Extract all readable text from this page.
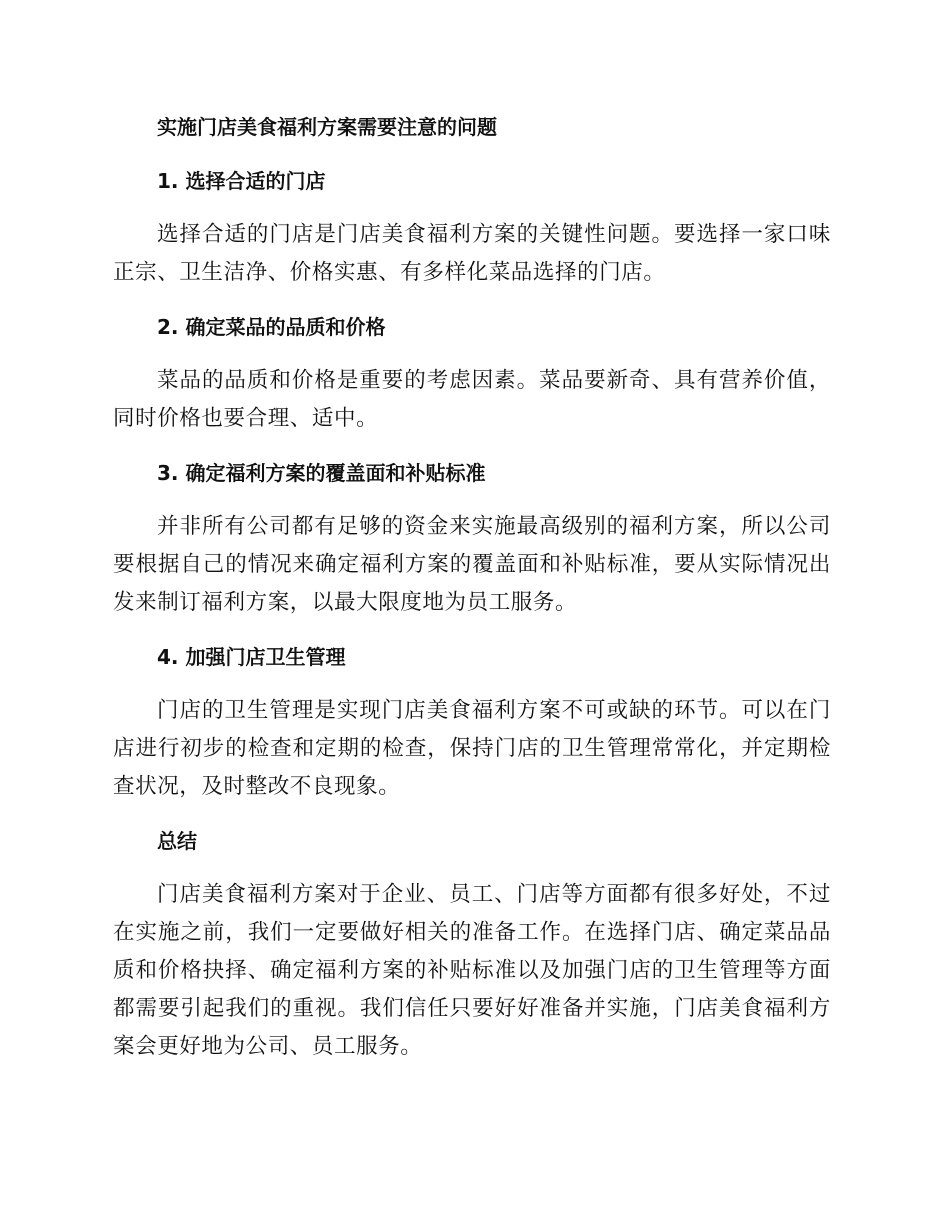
实施门店美食福利方案需要注意的问题
1. 选择合适的门店

选择合适的门店是门店美食福利方案的关键性问题。要选择一家口味正宗、卫生洁净、价格实惠、有多样化菜品选择的门店。

2. 确定菜品的品质和价格

菜品的品质和价格是重要的考虑因素。菜品要新奇、具有营养价值，同时价格也要合理、适中。

3. 确定福利方案的覆盖面和补贴标准

并非所有公司都有足够的资金来实施最高级别的福利方案，所以公司要根据自己的情况来确定福利方案的覆盖面和补贴标准，要从实际情况出发来制订福利方案，以最大限度地为员工服务。

4. 加强门店卫生管理

门店的卫生管理是实现门店美食福利方案不可或缺的环节。可以在门店进行初步的检查和定期的检查，保持门店的卫生管理常常化，并定期检查状况，及时整改不良现象。

总结

门店美食福利方案对于企业、员工、门店等方面都有很多好处，不过在实施之前，我们一定要做好相关的准备工作。在选择门店、确定菜品品质和价格抉择、确定福利方案的补贴标准以及加强门店的卫生管理等方面都需要引起我们的重视。我们信任只要好好准备并实施，门店美食福利方案会更好地为公司、员工服务。
